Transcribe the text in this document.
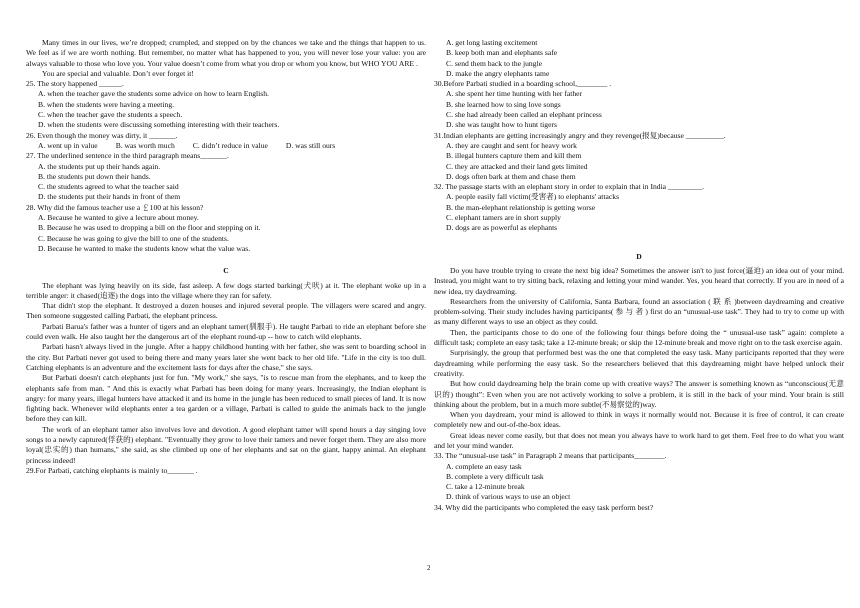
Many times in our lives, we’re dropped; crumpled, and stepped on by the chances we take and the things that happen to us. We feel as if we are worth nothing. But remember, no matter what has happened to you, you will never lose your value: you are always valuable to those who love you. Your value doesn’t come from what you drop or whom you know, but WHO YOU ARE .

You are special and valuable. Don’t ever forget it!

25. The story happened ______.

A. when the teacher gave the students some advice on how to learn English.

B. when the students were having a meeting.

C. when the teacher gave the students a speech.

D. when the students were discussing something interesting with their teachers.

26. Even though the money was dirty, it _______.

A. went up in value B. was worth much C. didn’t reduce in value D. was still ours

27. The underlined sentence in the third paragraph means_______.

A. the students put up their hands again.

B. the students put down their hands.

C. the students agreed to what the teacher said

D. the students put their hands in front of them

28. Why did the famous teacher use a ￡100 at his lesson?

A. Because he wanted to give a lecture about money.

B. Because he was used to dropping a bill on the floor and stepping on it.

C. Because he was going to give the bill to one of the students.

D. Because he wanted to make the students know what the value was.

C

The elephant was lying heavily on its side, fast asleep. A few dogs started barking(犬吠) at it. The elephant woke up in a terrible anger: it chased(追逐) the dogs into the village where they ran for safety.

That didn't stop the elephant. It destroyed a dozen houses and injured several people. The villagers were scared and angry. Then someone suggested calling Parbati, the elephant princess.

Parbati Barua's father was a hunter of tigers and an elephant tamer(驯服手). He taught Parbati to ride an elephant before she could even walk. He also taught her the dangerous art of the elephant round-up -- how to catch wild elephants.

Parbati hasn't always lived in the jungle. After a happy childhood hunting with her father, she was sent to boarding school in the city. But Parbati never got used to being there and many years later she went back to her old life. "Life in the city is too dull. Catching elephants is an adventure and the excitement lasts for days after the chase," she says.

But Parbati doesn't catch elephants just for fun. "My work," she says, "is to rescue man from the elephants, and to keep the elephants safe from man. " And this is exactly what Parbati has been doing for many years. Increasingly, the Indian elephant is angry: for many years, illegal hunters have attacked it and its home in the jungle has been reduced to small pieces of land. It is now fighting back. Whenever wild elephants enter a tea garden or a village, Parbati is called to guide the animals back to the jungle before they can kill.

The work of an elephant tamer also involves love and devotion. A good elephant tamer will spend hours a day singing love songs to a newly captured(俘获的) elephant. "Eventually they grow to love their tamers and never forget them. They are also more loyal(忠实的) than humans," she said, as she climbed up one of her elephants and sat on the giant, happy animal. An elephant princess indeed!

29.For Parbati, catching elephants is mainly to_______ .

A. get long lasting excitement

B. keep both man and elephants safe

C. send them back to the jungle

D. make the angry elephants tame

30.Before Parbati studied in a boarding school,________ .

A. she spent her time hunting with her father

B. she learned how to sing love songs

C. she had already been called an elephant princess

D. she was taught how to hunt tigers

31.Indian elephants are getting increasingly angry and they revenge(报复)because __________.

A. they are caught and sent for heavy work

B. illegal hunters capture them and kill them

C. they are attacked and their land gets limited

D. dogs often bark at them and chase them

32. The passage starts with an elephant story in order to explain that in India _________.

A. people easily fall victim(受害者) to elephants' attacks

B. the man-elephant relationship is getting worse

C. elephant tamers are in short supply

D. dogs are as powerful as elephants

D

Do you have trouble trying to create the next big idea? Sometimes the answer isn't to just force(逼迫) an idea out of your mind. Instead, you might want to try sitting back, relaxing and letting your mind wander. Yes, you heard that correctly. If you are in need of a new idea, try daydreaming.

Researchers from the university of California, Santa Barbara, found an association ( 联 系 )between daydreaming and creative problem-solving. Their study includes having participants( 参 与 者 ) first do an “unusual-use task”. They had to try to come up with as many different ways to use an object as they could.

Then, the participants chose to do one of the following four things before doing the “ unusual-use task” again: complete a difficult task; complete an easy task; take a 12-minute break; or skip the 12-minute break and move right on to the task exercise again.

Surprisingly, the group that performed best was the one that completed the easy task. Many participants reported that they were daydreaming while performing the easy task. So the researchers believed that this daydreaming might have helped unlock their creativity.

But how could daydreaming help the brain come up with creative ways? The answer is something known as “unconscious(无意识的) thought”: Even when you are not actively working to solve a problem, it is still in the back of your mind. Your brain is still thinking about the problem, but in a much more subtle(不易察觉的)way.

When you daydream, your mind is allowed to think in ways it normally would not. Because it is free of control, it can create completely new and out-of-the-box ideas.

Great ideas never come easily, but that does not mean you always have to work hard to get them. Feel free to do what you want and let your mind wander.

33. The “unusual-use task” in Paragraph 2 means that participants________.

A. complete an easy task

B. complete a very difficult task

C. take a 12-minute break

D. think of various ways to use an object

34. Why did the participants who completed the easy task perform best?

2
